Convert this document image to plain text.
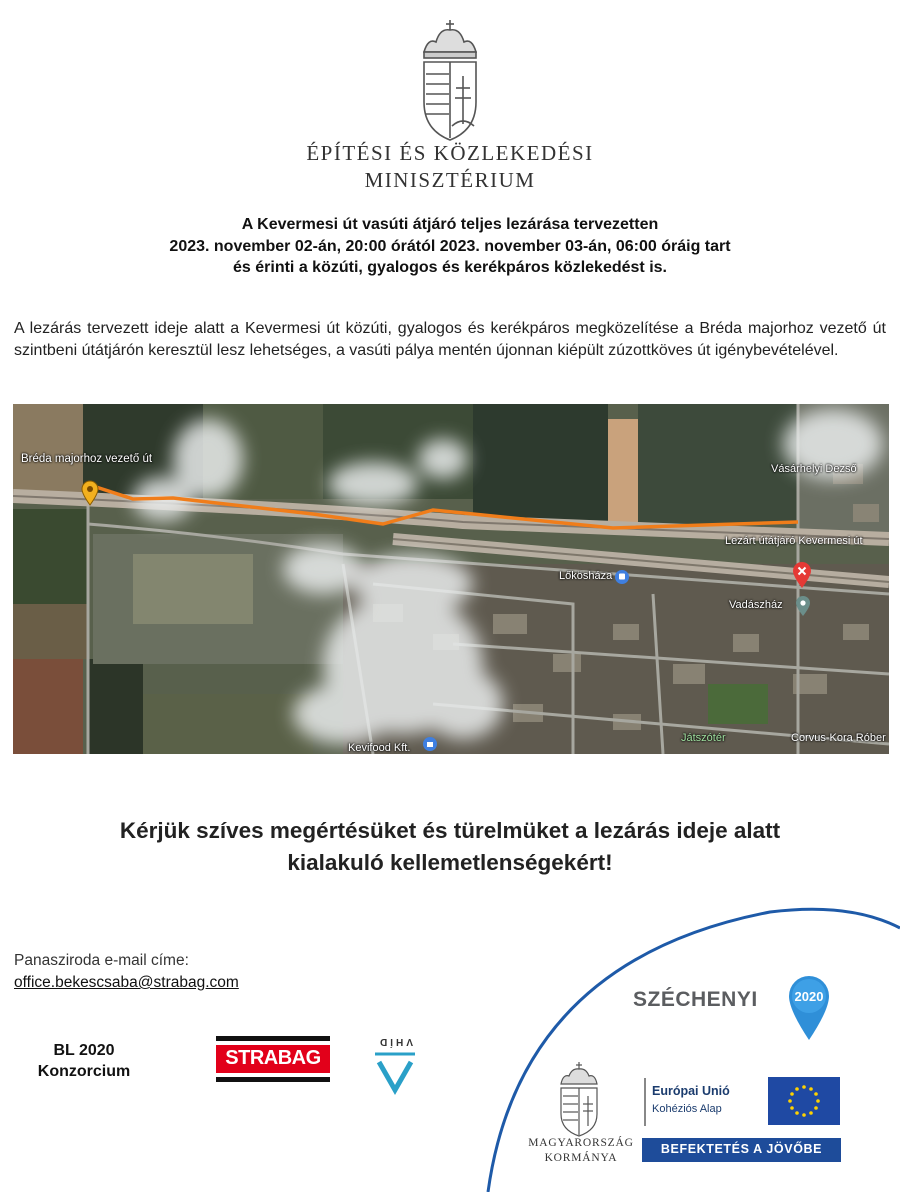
ÉPÍTÉSI ÉS KÖZLEKEDÉSI
MINISZTÉRIUM
A Kevermesi út vasúti átjáró teljes lezárása tervezetten
2023. november 02-án, 20:00 órától 2023. november 03-án, 06:00 óráig tart
és érinti a közúti, gyalogos és kerékpáros közlekedést is.
A lezárás tervezett ideje alatt a Kevermesi út közúti, gyalogos és kerékpáros megközelítése a Bréda majorhoz vezető út szintbeni útátjárón keresztül lesz lehetséges, a vasúti pálya mentén újonnan kiépült zúzottköves út igénybevételével.
Bréda majorhoz vezető út
Vásárhelyi Dezső
Lezárt útátjáró Kevermesi út
Lőkösháza
Vadászház
Játszótér	Corvus-Kora Róber
Kevifood Kft.
Kérjük szíves megértésüket és türelmüket a lezárás ideje alatt
kialakuló kellemetlenségekért!
Panasziroda e-mail címe:
office.bekescsaba@strabag.com
BL 2020
Konzorcium
STRABAG
VHÍD
SZÉCHENYI	2020
MAGYARORSZÁG
KORMÁNYA
Európai Unió
Kohéziós Alap
BEFEKTETÉS A JÖVŐBE
